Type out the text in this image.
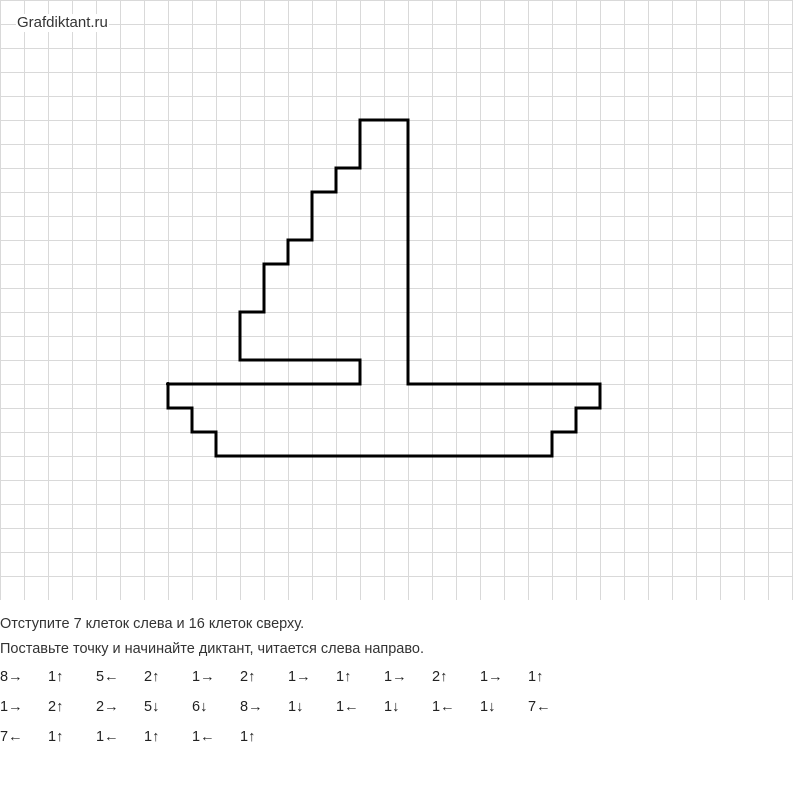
Grafdiktant.ru
Отступите 7 клеток слева и 16 клеток сверху.
Поставьте точку и начинайте диктант, читается слева направо.
8→ 1↑ 5← 2↑ 1→ 2↑ 1→ 1↑ 1→ 2↑ 1→ 1↑
1→ 2↑ 2→ 5↓ 6↓ 8→ 1↓ 1← 1↓ 1← 1↓ 7←
7← 1↑ 1← 1↑ 1← 1↑
